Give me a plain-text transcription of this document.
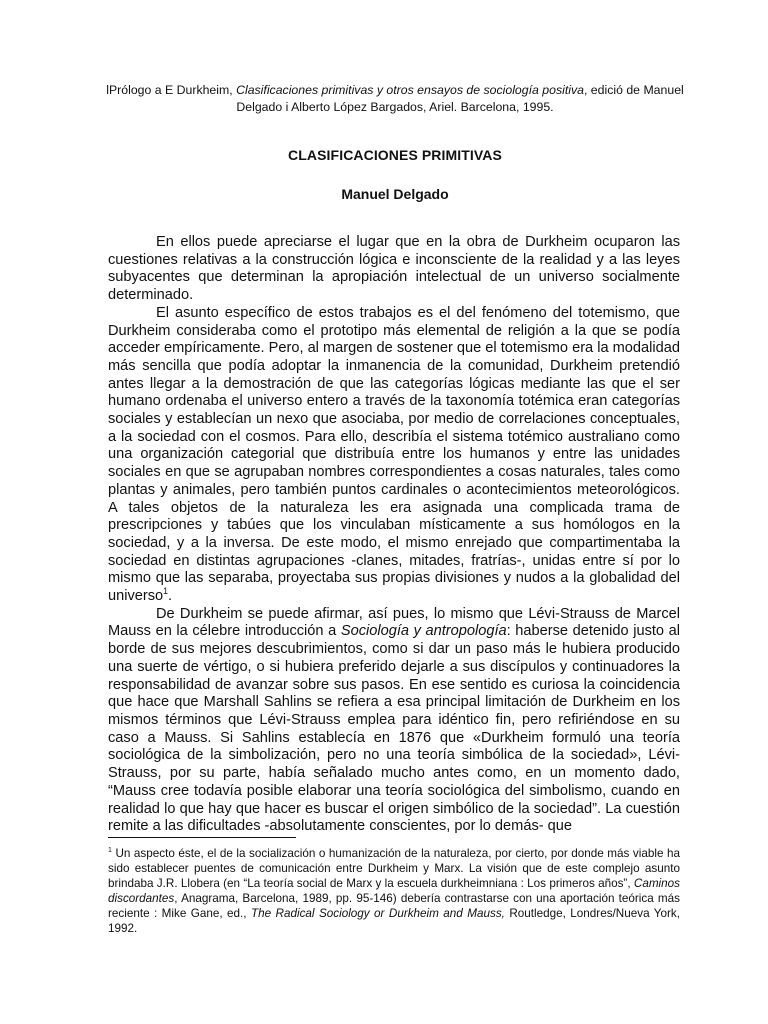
lPrólogo a E Durkheim, Clasificaciones primitivas y otros ensayos de sociología positiva, edició de Manuel Delgado i Alberto López Bargados, Ariel. Barcelona, 1995.
CLASIFICACIONES PRIMITIVAS
Manuel Delgado

En ellos puede apreciarse el lugar que en la obra de Durkheim ocuparon las cuestiones relativas a la construcción lógica e inconsciente de la realidad y a las leyes subyacentes que determinan la apropiación intelectual de un universo socialmente determinado.

El asunto específico de estos trabajos es el del fenómeno del totemismo, que Durkheim consideraba como el prototipo más elemental de religión a la que se podía acceder empíricamente. Pero, al margen de sostener que el totemismo era la modalidad más sencilla que podía adoptar la inmanencia de la comunidad, Durkheim pretendió antes llegar a la demostración de que las categorías lógicas mediante las que el ser humano ordenaba el universo entero a través de la taxonomía totémica eran categorías sociales y establecían un nexo que asociaba, por medio de correlaciones conceptuales, a la sociedad con el cosmos. Para ello, describía el sistema totémico australiano como una organización categorial que distribuía entre los humanos y entre las unidades sociales en que se agrupaban nombres correspondientes a cosas naturales, tales como plantas y animales, pero también puntos cardinales o acontecimientos meteorológicos. A tales objetos de la naturaleza les era asignada una complicada trama de prescripciones y tabúes que los vinculaban místicamente a sus homólogos en la sociedad, y a la inversa. De este modo, el mismo enrejado que compartimentaba la sociedad en distintas agrupaciones -clanes, mitades, fratrías-, unidas entre sí por lo mismo que las separaba, proyectaba sus propias divisiones y nudos a la globalidad del universo$^1$.

De Durkheim se puede afirmar, así pues, lo mismo que Lévi-Strauss de Marcel Mauss en la célebre introducción a Sociología y antropología: haberse detenido justo al borde de sus mejores descubrimientos, como si dar un paso más le hubiera producido una suerte de vértigo, o si hubiera preferido dejarle a sus discípulos y continuadores la responsabilidad de avanzar sobre sus pasos. En ese sentido es curiosa la coincidencia que hace que Marshall Sahlins se refiera a esa principal limitación de Durkheim en los mismos términos que Lévi-Strauss emplea para idéntico fin, pero refiriéndose en su caso a Mauss. Si Sahlins establecía en 1876 que «Durkheim formuló una teoría sociológica de la simbolización, pero no una teoría simbólica de la sociedad», Lévi-Strauss, por su parte, había señalado mucho antes como, en un momento dado, “Mauss cree todavía posible elaborar una teoría sociológica del simbolismo, cuando en realidad lo que hay que hacer es buscar el origen simbólico de la sociedad”. La cuestión remite a las dificultades -absolutamente conscientes, por lo demás- que

$^1$ Un aspecto éste, el de la socialización o humanización de la naturaleza, por cierto, por donde más viable ha sido establecer puentes de comunicación entre Durkheim y Marx. La visión que de este complejo asunto brindaba J.R. Llobera (en “La teoría social de Marx y la escuela durkheimniana : Los primeros años”, Caminos discordantes, Anagrama, Barcelona, 1989, pp. 95-146) debería contrastarse con una aportación teórica más reciente : Mike Gane, ed., The Radical Sociology or Durkheim and Mauss, Routledge, Londres/Nueva York, 1992.
